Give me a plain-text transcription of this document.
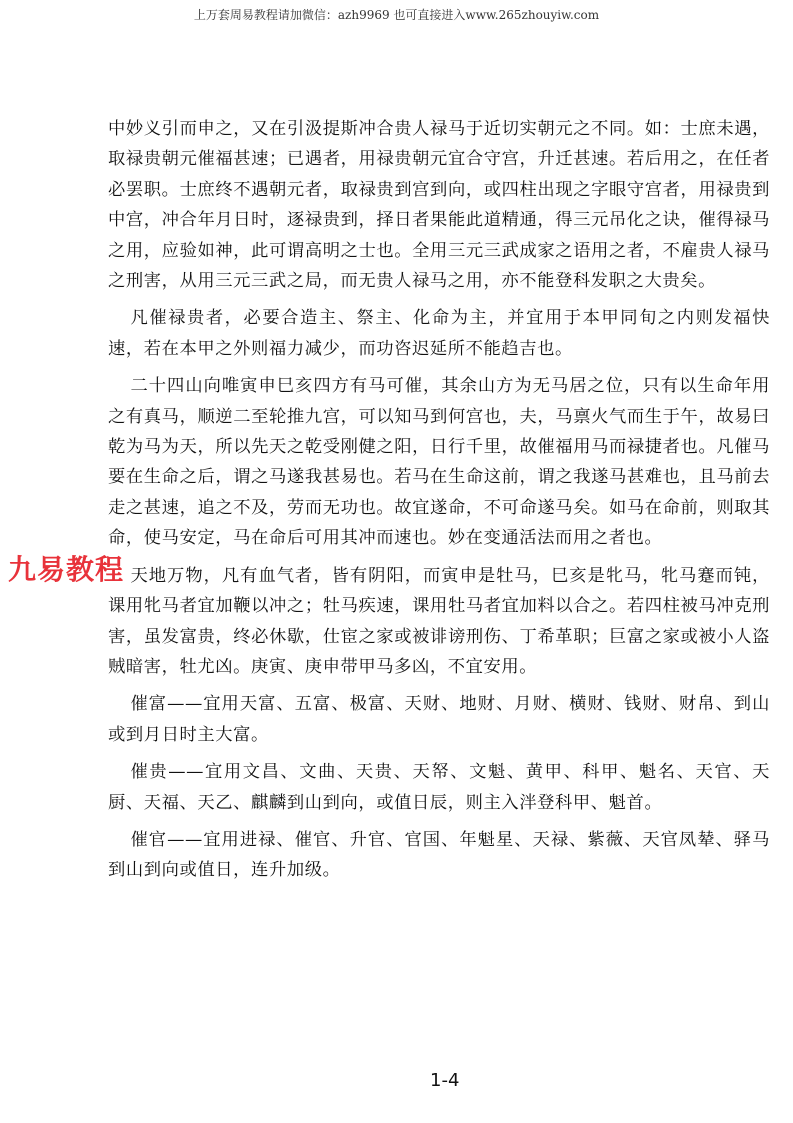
上万套周易教程请加微信：azh9969 也可直接进入www.265zhouyiw.com
九易教程

中妙义引而申之，又在引汲提斯冲合贵人禄马于近切实朝元之不同。如：士庶未遇，取禄贵朝元催福甚速；已遇者，用禄贵朝元宜合守宫，升迁甚速。若后用之，在任者必罢职。士庶终不遇朝元者，取禄贵到宫到向，或四柱出现之字眼守宫者，用禄贵到中宫，冲合年月日时，逐禄贵到，择日者果能此道精通，得三元吊化之诀，催得禄马之用，应验如神，此可谓高明之士也。全用三元三武成家之语用之者，不雇贵人禄马之刑害，从用三元三武之局，而无贵人禄马之用，亦不能登科发职之大贵矣。

凡催禄贵者，必要合造主、祭主、化命为主，并宜用于本甲同旬之内则发福快速，若在本甲之外则福力减少，而功咨迟延所不能趋吉也。

二十四山向唯寅申巳亥四方有马可催，其余山方为无马居之位，只有以生命年用之有真马，顺逆二至轮推九宫，可以知马到何宫也，夫，马禀火气而生于午，故易曰乾为马为天，所以先天之乾受刚健之阳，日行千里，故催福用马而禄捷者也。凡催马要在生命之后，谓之马遂我甚易也。若马在生命这前，谓之我遂马甚难也，且马前去走之甚速，追之不及，劳而无功也。故宜遂命，不可命遂马矣。如马在命前，则取其命，使马安定，马在命后可用其冲而速也。妙在变通活法而用之者也。

天地万物，凡有血气者，皆有阴阳，而寅申是牡马，巳亥是牝马，牝马蹇而钝，课用牝马者宜加鞭以冲之；牡马疾速，课用牡马者宜加料以合之。若四柱被马冲克刑害，虽发富贵，终必休歇，仕宦之家或被诽谤刑伤、丁希革职；巨富之家或被小人盗贼暗害，牡尤凶。庚寅、庚申带甲马多凶，不宜安用。

催富——宜用天富、五富、极富、天财、地财、月财、横财、钱财、财帛、到山或到月日时主大富。

催贵——宜用文昌、文曲、天贵、天帑、文魁、黄甲、科甲、魁名、天官、天厨、天福、天乙、麒麟到山到向，或值日辰，则主入泮登科甲、魁首。

催官——宜用进禄、催官、升官、官国、年魁星、天禄、紫薇、天官凤辇、驿马到山到向或值日，连升加级。

1-4
